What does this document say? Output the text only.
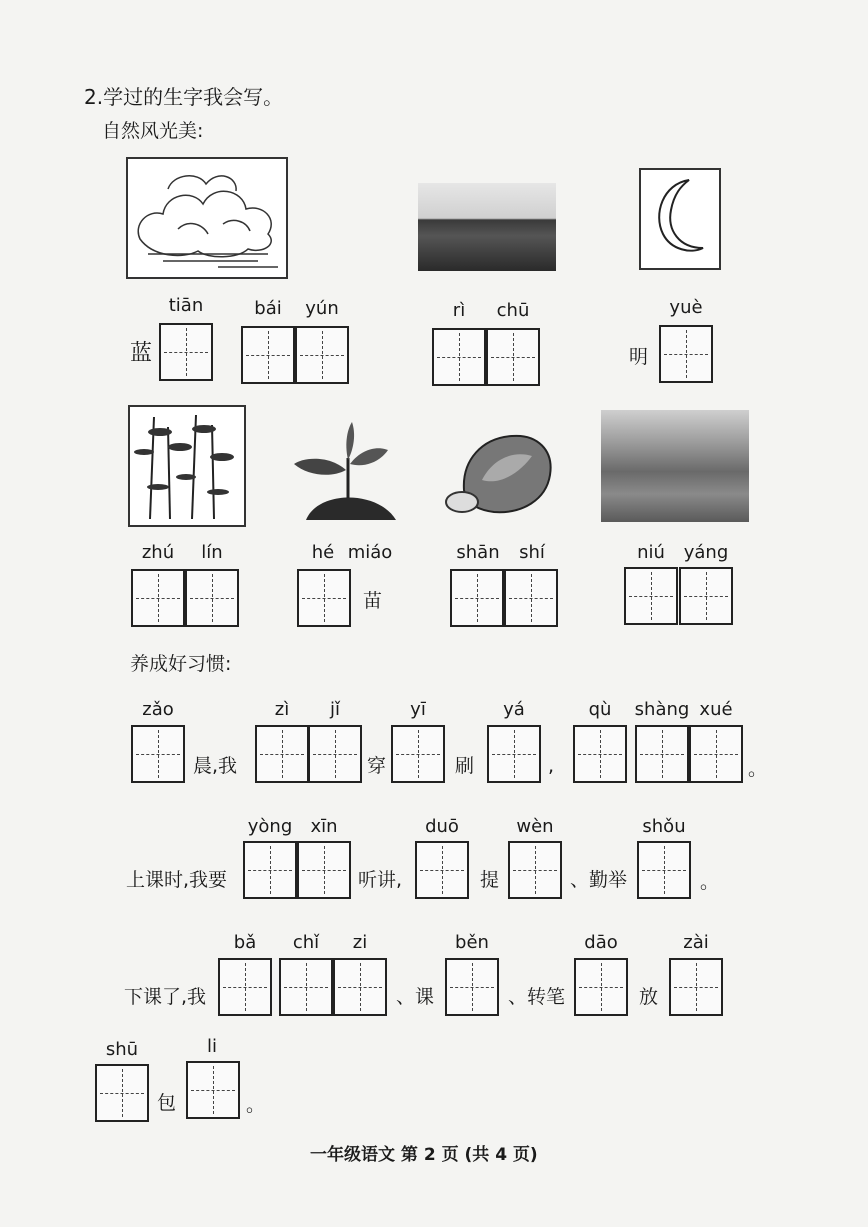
2.学过的生字我会写。
自然风光美:
tiān	bái	yún	rì	chū	yuè
蓝	明
zhú	lín	hé miáo	shān	shí	niú	yáng
苗
养成好习惯:
zǎo	zì	jǐ	yī	yá	qù	shàng xué
晨,我	穿	刷	,	。
yòng	xīn	duō	wèn	shǒu
上课时,我要	听讲,	提	、勤举	。
bǎ	chǐ	zi	běn	dāo	zài
下课了,我	、课	、转笔	放
shū	li
包	。
一年级语文 第 2 页 (共 4 页)
